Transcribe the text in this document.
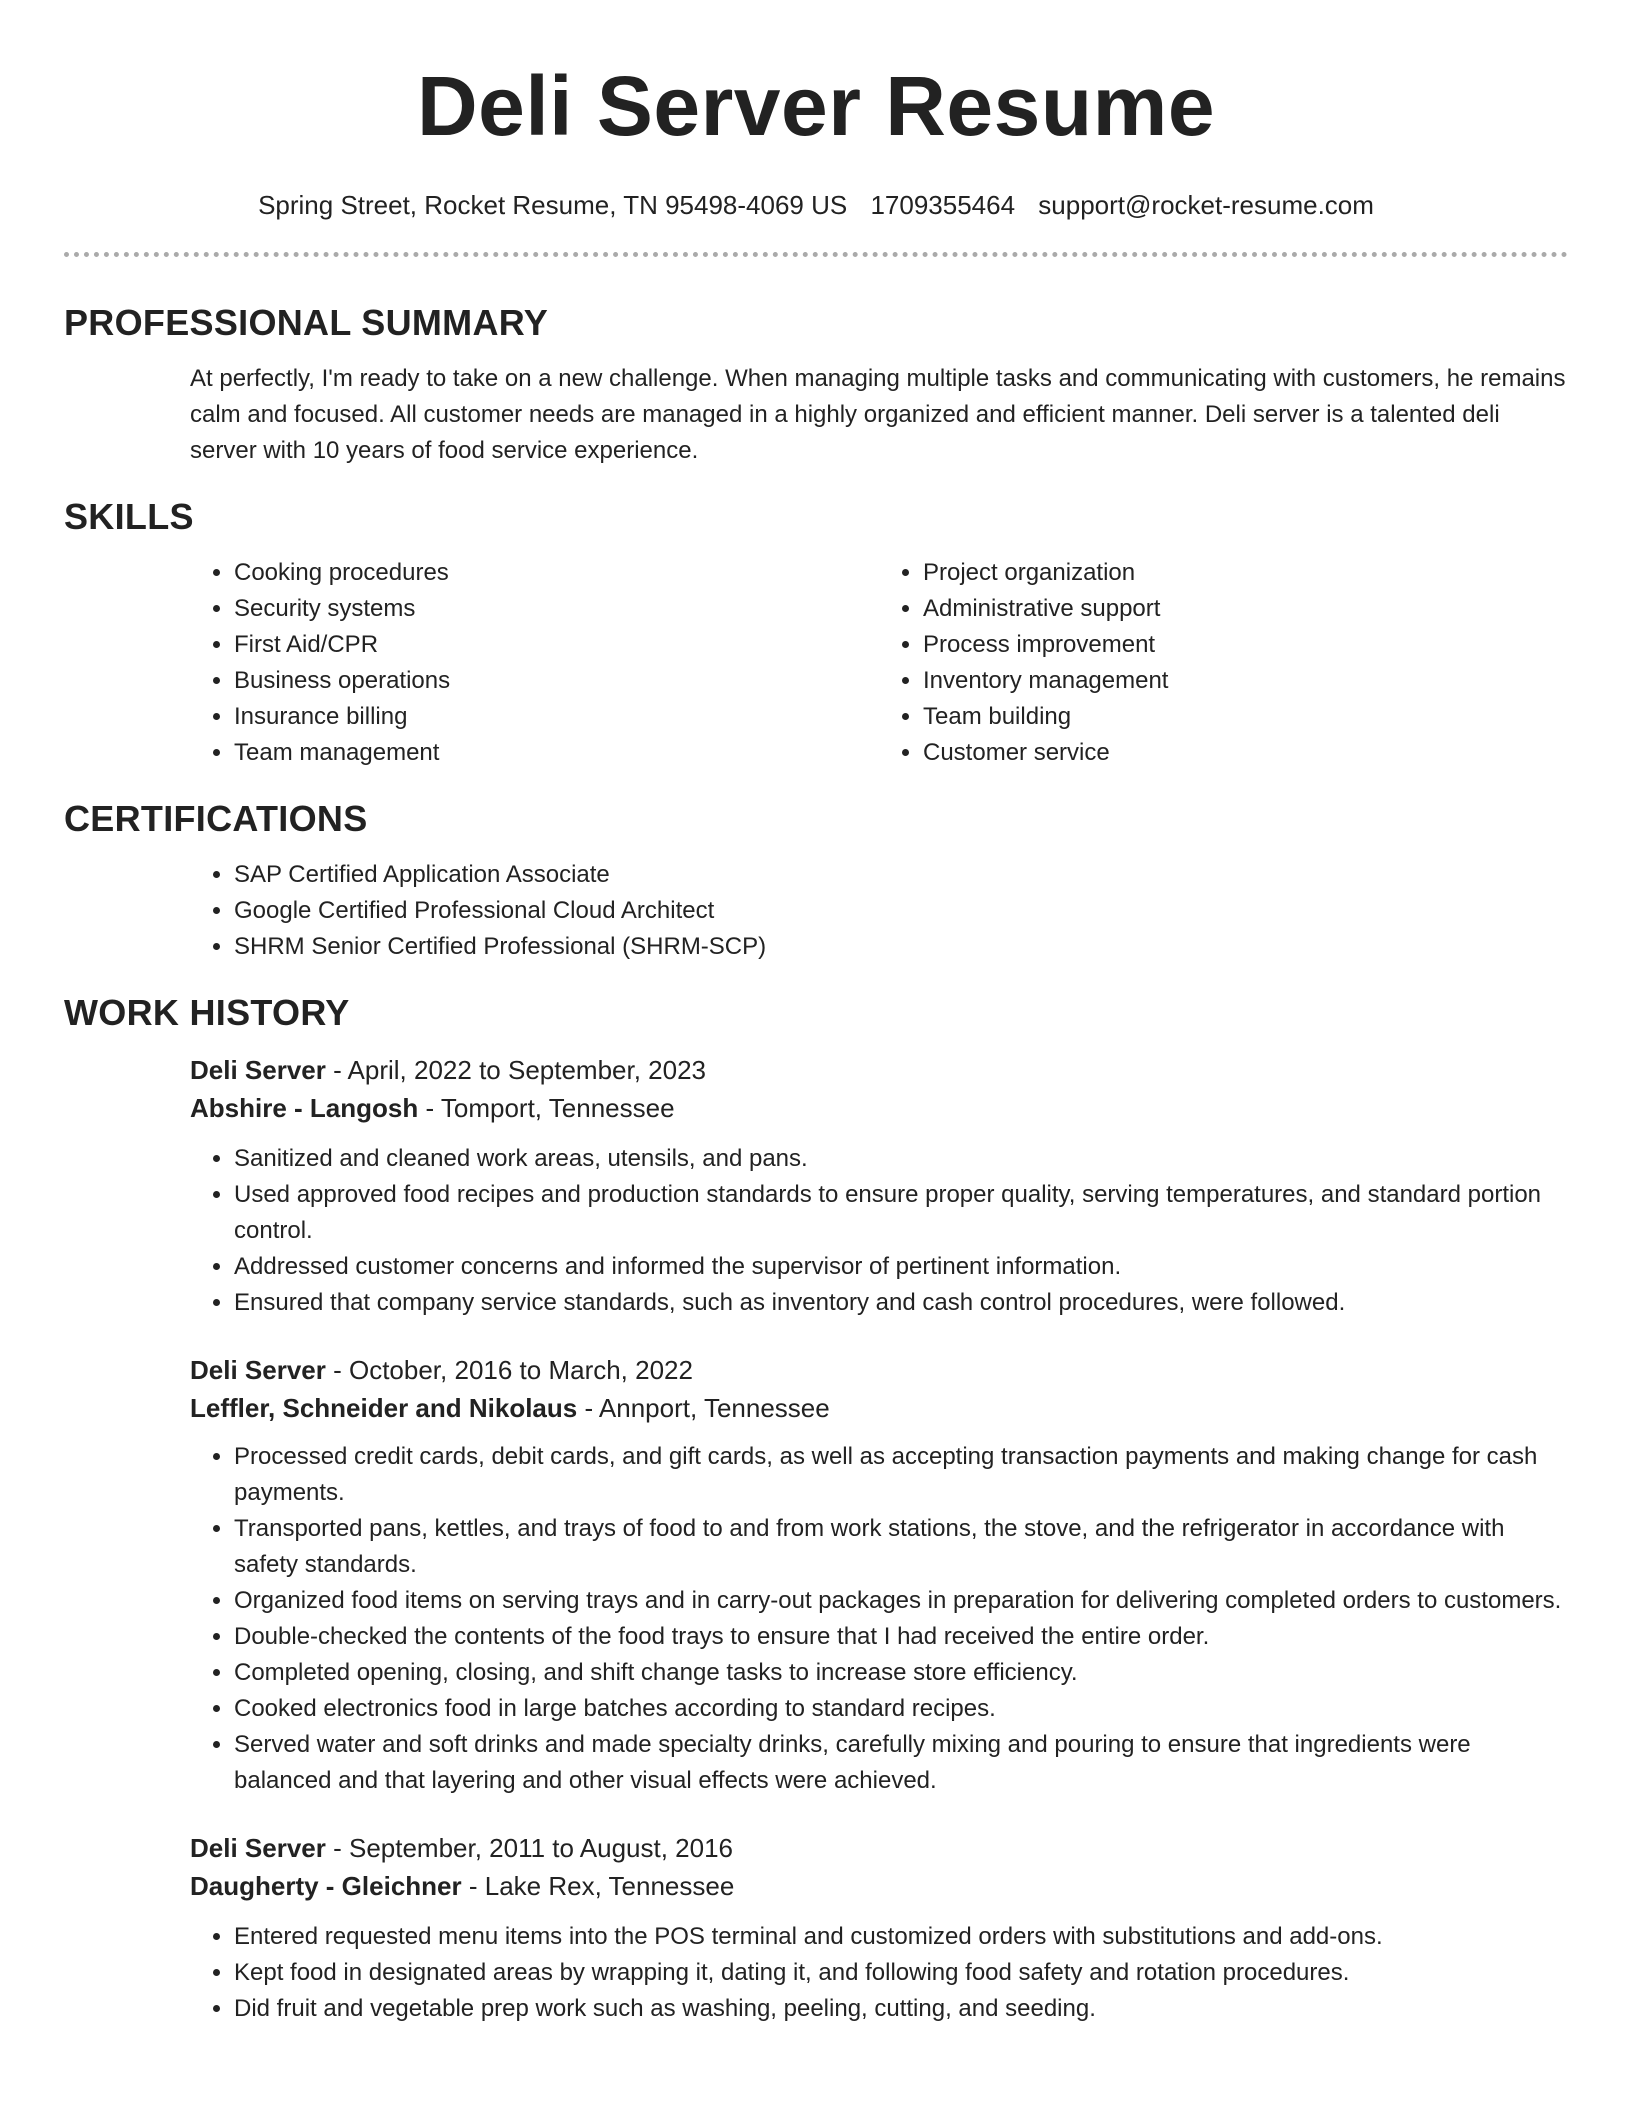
Deli Server Resume
Spring Street, Rocket Resume, TN 95498-4069 US 1709355464 support@rocket-resume.com
PROFESSIONAL SUMMARY

At perfectly, I'm ready to take on a new challenge. When managing multiple tasks and communicating with customers, he remains calm and focused. All customer needs are managed in a highly organized and efficient manner. Deli server is a talented deli server with 10 years of food service experience.

SKILLS
• Cooking procedures
• Security systems
• First Aid/CPR
• Business operations
• Insurance billing
• Team management
• Project organization
• Administrative support
• Process improvement
• Inventory management
• Team building
• Customer service
CERTIFICATIONS
• SAP Certified Application Associate
• Google Certified Professional Cloud Architect
• SHRM Senior Certified Professional (SHRM-SCP)
WORK HISTORY
Deli Server - April, 2022 to September, 2023
Abshire - Langosh - Tomport, Tennessee
• Sanitized and cleaned work areas, utensils, and pans.
• Used approved food recipes and production standards to ensure proper quality, serving temperatures, and standard portion control.
• Addressed customer concerns and informed the supervisor of pertinent information.
• Ensured that company service standards, such as inventory and cash control procedures, were followed.
Deli Server - October, 2016 to March, 2022
Leffler, Schneider and Nikolaus - Annport, Tennessee
• Processed credit cards, debit cards, and gift cards, as well as accepting transaction payments and making change for cash payments.
• Transported pans, kettles, and trays of food to and from work stations, the stove, and the refrigerator in accordance with safety standards.
• Organized food items on serving trays and in carry-out packages in preparation for delivering completed orders to customers.
• Double-checked the contents of the food trays to ensure that I had received the entire order.
• Completed opening, closing, and shift change tasks to increase store efficiency.
• Cooked electronics food in large batches according to standard recipes.
• Served water and soft drinks and made specialty drinks, carefully mixing and pouring to ensure that ingredients were balanced and that layering and other visual effects were achieved.
Deli Server - September, 2011 to August, 2016
Daugherty - Gleichner - Lake Rex, Tennessee
• Entered requested menu items into the POS terminal and customized orders with substitutions and add-ons.
• Kept food in designated areas by wrapping it, dating it, and following food safety and rotation procedures.
• Did fruit and vegetable prep work such as washing, peeling, cutting, and seeding.
